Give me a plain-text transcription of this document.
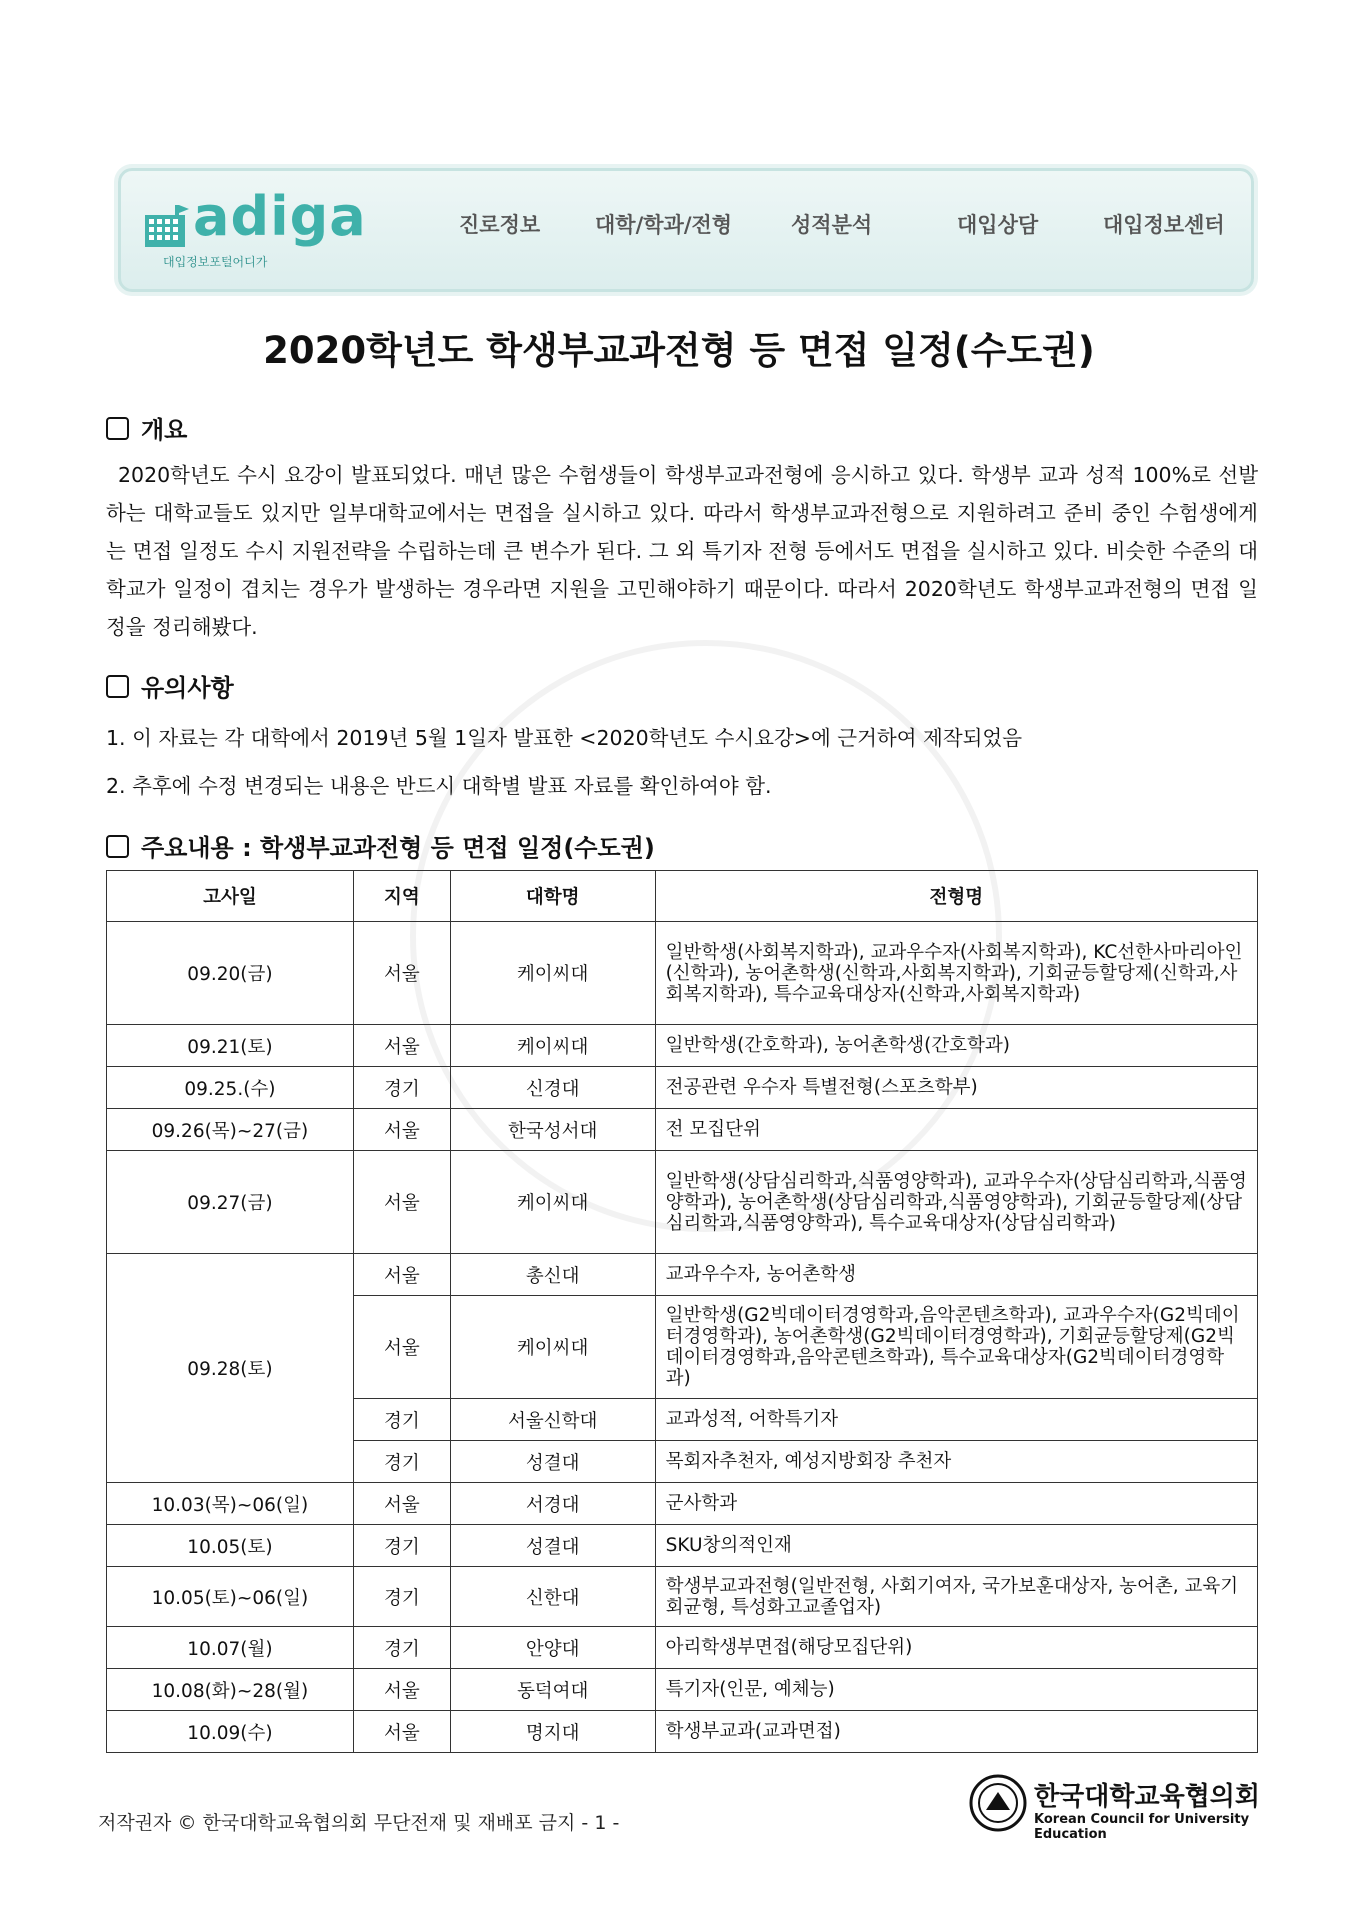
adiga
대입정보포털어디가
진로정보	대학/학과/전형	성적분석	대입상담	대입정보센터
2020학년도 학생부교과전형 등 면접 일정(수도권)
개요
2020학년도 수시 요강이 발표되었다. 매년 많은 수험생들이 학생부교과전형에 응시하고 있다. 학생부 교과 성적 100%로 선발하는 대학교들도 있지만 일부대학교에서는 면접을 실시하고 있다. 따라서 학생부교과전형으로 지원하려고 준비 중인 수험생에게는 면접 일정도 수시 지원전략을 수립하는데 큰 변수가 된다. 그 외 특기자 전형 등에서도 면접을 실시하고 있다. 비슷한 수준의 대학교가 일정이 겹치는 경우가 발생하는 경우라면 지원을 고민해야하기 때문이다. 따라서 2020학년도 학생부교과전형의 면접 일정을 정리해봤다.
유의사항
1. 이 자료는 각 대학에서 2019년 5월 1일자 발표한 <2020학년도 수시요강>에 근거하여 제작되었음
2. 추후에 수정 변경되는 내용은 반드시 대학별 발표 자료를 확인하여야 함.
주요내용 : 학생부교과전형 등 면접 일정(수도권)
고사일	지역	대학명	전형명
09.20(금)	서울	케이씨대	일반학생(사회복지학과), 교과우수자(사회복지학과), KC선한사마리아인(신학과), 농어촌학생(신학과,사회복지학과), 기회균등할당제(신학과,사회복지학과), 특수교육대상자(신학과,사회복지학과)
09.21(토)	서울	케이씨대	일반학생(간호학과), 농어촌학생(간호학과)
09.25.(수)	경기	신경대	전공관련 우수자 특별전형(스포츠학부)
09.26(목)~27(금)	서울	한국성서대	전 모집단위
09.27(금)	서울	케이씨대	일반학생(상담심리학과,식품영양학과), 교과우수자(상담심리학과,식품영양학과), 농어촌학생(상담심리학과,식품영양학과), 기회균등할당제(상담심리학과,식품영양학과), 특수교육대상자(상담심리학과)
09.28(토)	서울	총신대	교과우수자, 농어촌학생
	서울	케이씨대	일반학생(G2빅데이터경영학과,음악콘텐츠학과), 교과우수자(G2빅데이터경영학과), 농어촌학생(G2빅데이터경영학과), 기회균등할당제(G2빅데이터경영학과,음악콘텐츠학과), 특수교육대상자(G2빅데이터경영학과)
	경기	서울신학대	교과성적, 어학특기자
	경기	성결대	목회자추천자, 예성지방회장 추천자
10.03(목)~06(일)	서울	서경대	군사학과
10.05(토)	경기	성결대	SKU창의적인재
10.05(토)~06(일)	경기	신한대	학생부교과전형(일반전형, 사회기여자, 국가보훈대상자, 농어촌, 교육기회균형, 특성화고교졸업자)
10.07(월)	경기	안양대	아리학생부면접(해당모집단위)
10.08(화)~28(월)	서울	동덕여대	특기자(인문, 예체능)
10.09(수)	서울	명지대	학생부교과(교과면접)
저작권자 © 한국대학교육협의회 무단전재 및 재배포 금지 - 1 -
한국대학교육협의회
Korean Council for University Education
